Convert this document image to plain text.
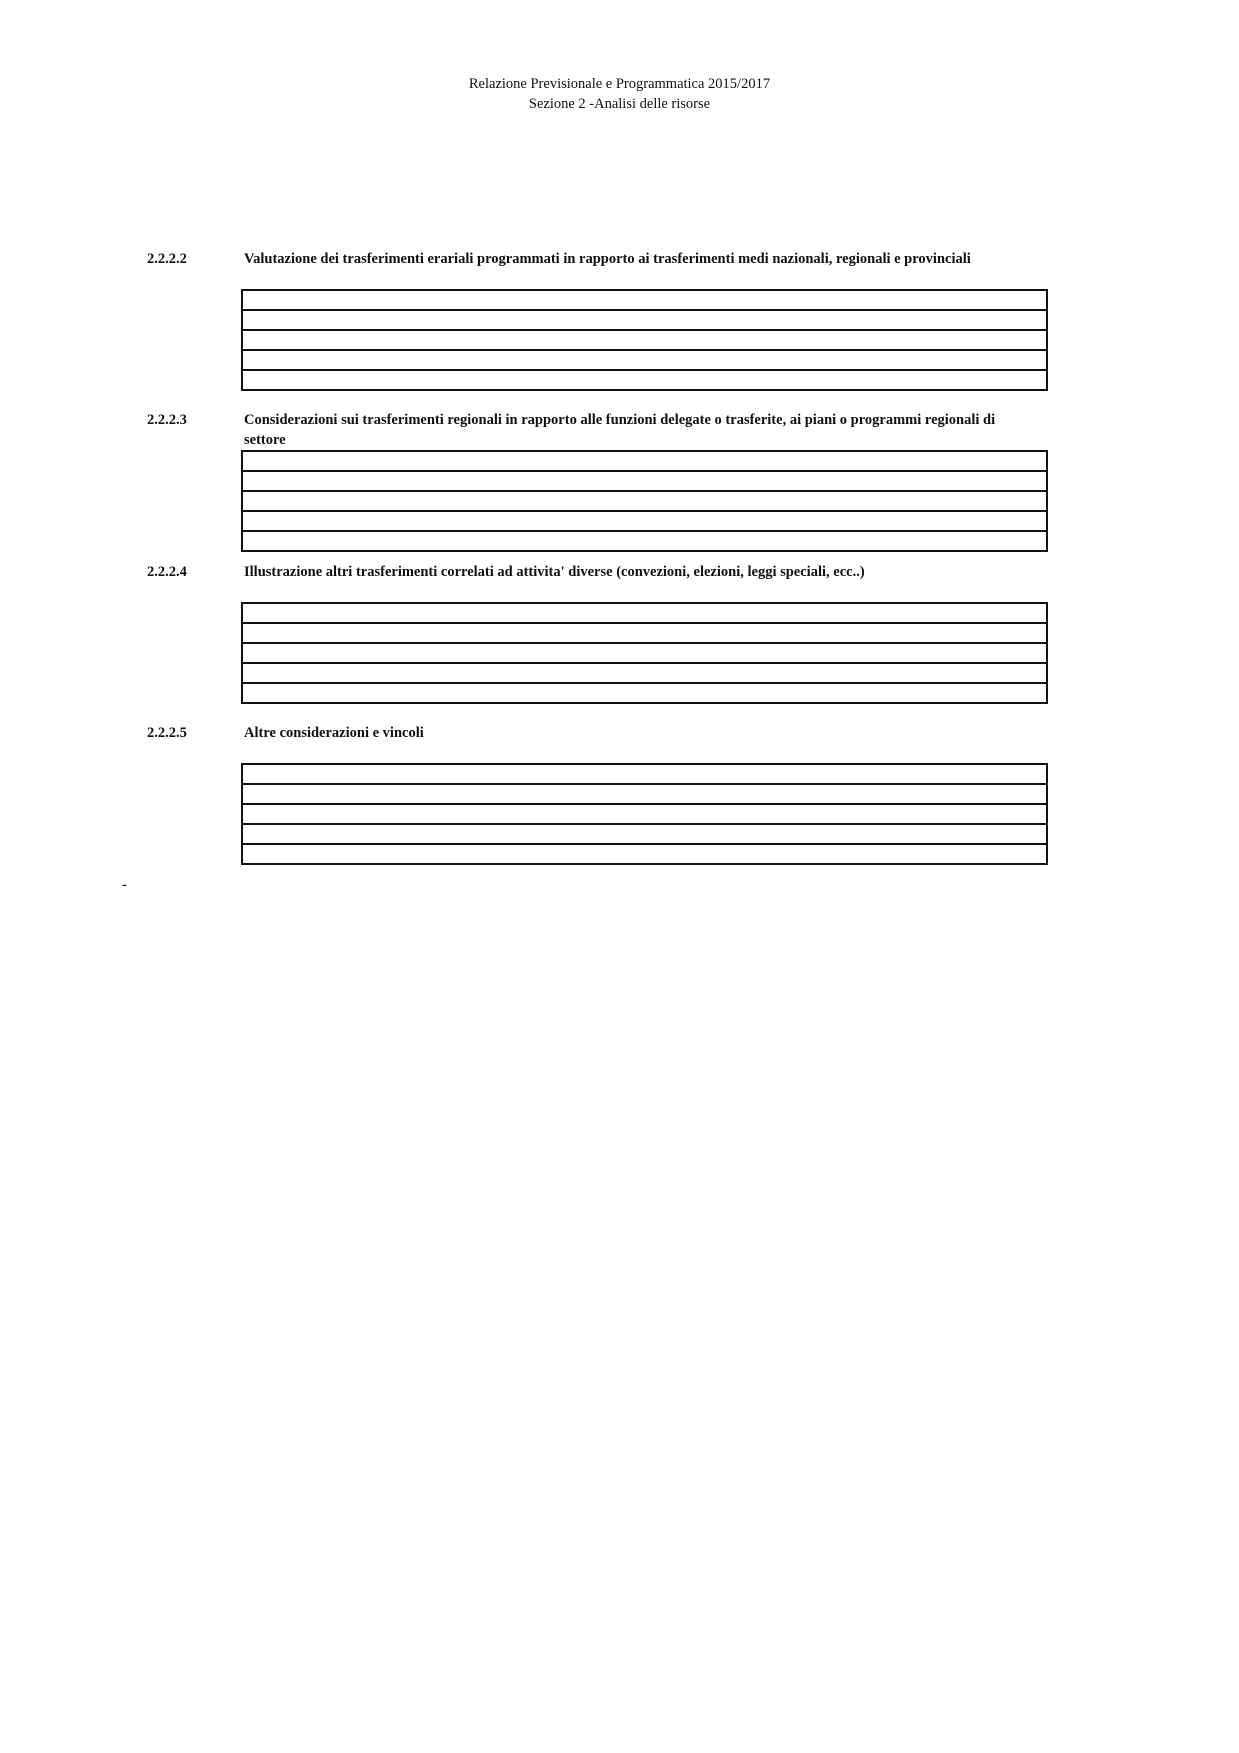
Relazione Previsionale e Programmatica 2015/2017
Sezione 2 -Analisi delle risorse
2.2.2.2	Valutazione dei trasferimenti erariali programmati in rapporto ai trasferimenti medi nazionali, regionali e provinciali
2.2.2.3	Considerazioni sui trasferimenti regionali in rapporto alle funzioni delegate o trasferite, ai piani o programmi regionali di settore
2.2.2.4	Illustrazione altri trasferimenti correlati ad attivita' diverse (convezioni, elezioni, leggi speciali, ecc..)
2.2.2.5	Altre considerazioni e vincoli
-
